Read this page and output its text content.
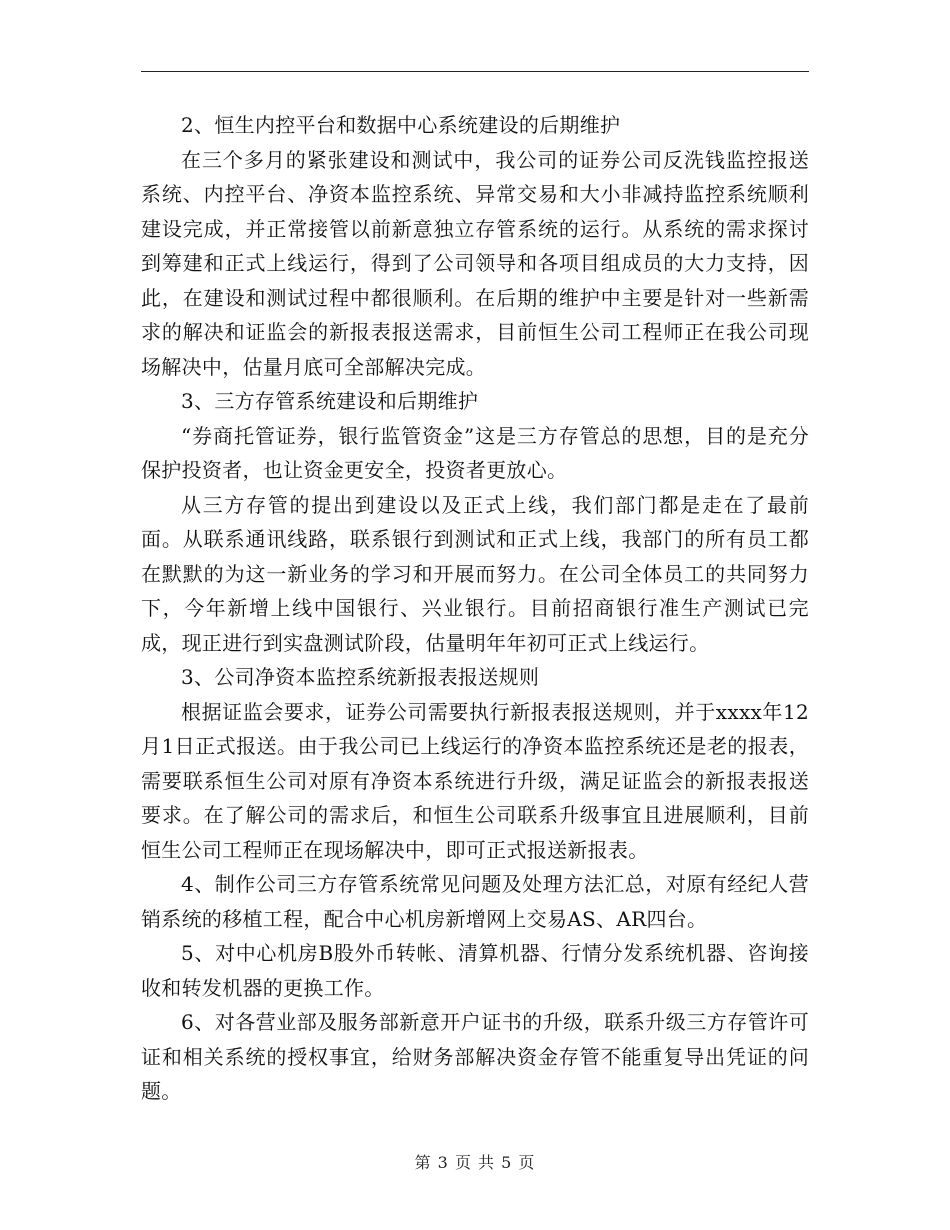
2、恒生内控平台和数据中心系统建设的后期维护

在三个多月的紧张建设和测试中，我公司的证券公司反洗钱监控报送系统、内控平台、净资本监控系统、异常交易和大小非减持监控系统顺利建设完成，并正常接管以前新意独立存管系统的运行。从系统的需求探讨到筹建和正式上线运行，得到了公司领导和各项目组成员的大力支持，因此，在建设和测试过程中都很顺利。在后期的维护中主要是针对一些新需求的解决和证监会的新报表报送需求，目前恒生公司工程师正在我公司现场解决中，估量月底可全部解决完成。

3、三方存管系统建设和后期维护

“券商托管证券，银行监管资金”这是三方存管总的思想，目的是充分保护投资者，也让资金更安全，投资者更放心。

从三方存管的提出到建设以及正式上线，我们部门都是走在了最前面。从联系通讯线路，联系银行到测试和正式上线，我部门的所有员工都在默默的为这一新业务的学习和开展而努力。在公司全体员工的共同努力下，今年新增上线中国银行、兴业银行。目前招商银行准生产测试已完成，现正进行到实盘测试阶段，估量明年年初可正式上线运行。

3、公司净资本监控系统新报表报送规则

根据证监会要求，证券公司需要执行新报表报送规则，并于xxxx年12月1日正式报送。由于我公司已上线运行的净资本监控系统还是老的报表，需要联系恒生公司对原有净资本系统进行升级，满足证监会的新报表报送要求。在了解公司的需求后，和恒生公司联系升级事宜且进展顺利，目前恒生公司工程师正在现场解决中，即可正式报送新报表。

4、制作公司三方存管系统常见问题及处理方法汇总，对原有经纪人营销系统的移植工程，配合中心机房新增网上交易AS、AR四台。

5、对中心机房B股外币转帐、清算机器、行情分发系统机器、咨询接收和转发机器的更换工作。

6、对各营业部及服务部新意开户证书的升级，联系升级三方存管许可证和相关系统的授权事宜，给财务部解决资金存管不能重复导出凭证的问题。

第 3 页 共 5 页
